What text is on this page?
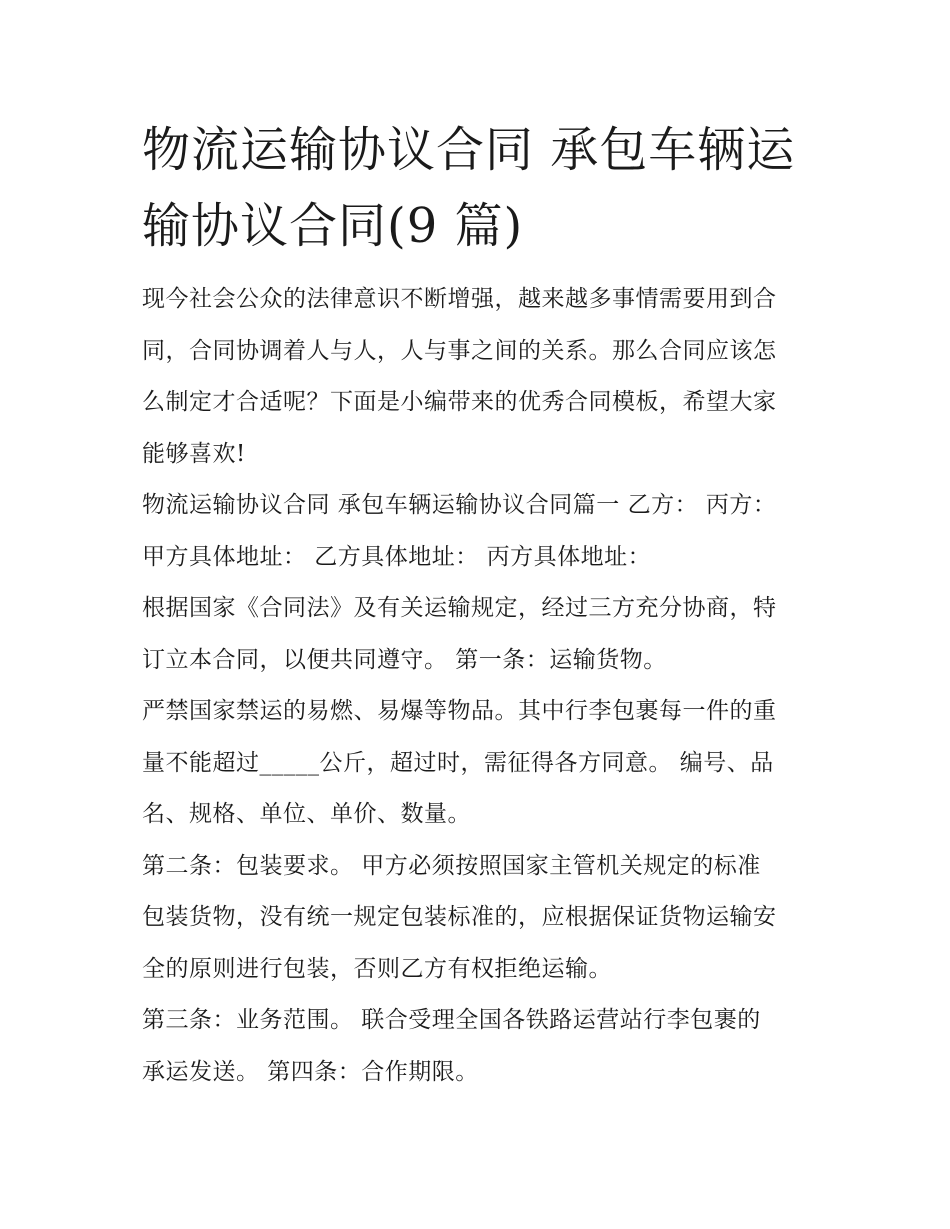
物流运输协议合同 承包车辆运
输协议合同(9 篇)

现今社会公众的法律意识不断增强，越来越多事情需要用到合
同，合同协调着人与人，人与事之间的关系。那么合同应该怎
么制定才合适呢？下面是小编带来的优秀合同模板，希望大家
能够喜欢!

物流运输协议合同 承包车辆运输协议合同篇一 乙方： 丙方：
甲方具体地址： 乙方具体地址： 丙方具体地址：

根据国家《合同法》及有关运输规定，经过三方充分协商，特
订立本合同，以便共同遵守。 第一条：运输货物。

严禁国家禁运的易燃、易爆等物品。其中行李包裹每一件的重
量不能超过_____公斤，超过时，需征得各方同意。 编号、品
名、规格、单位、单价、数量。

第二条：包装要求。 甲方必须按照国家主管机关规定的标准
包装货物，没有统一规定包装标准的，应根据保证货物运输安
全的原则进行包装，否则乙方有权拒绝运输。

第三条：业务范围。 联合受理全国各铁路运营站行李包裹的
承运发送。 第四条：合作期限。
